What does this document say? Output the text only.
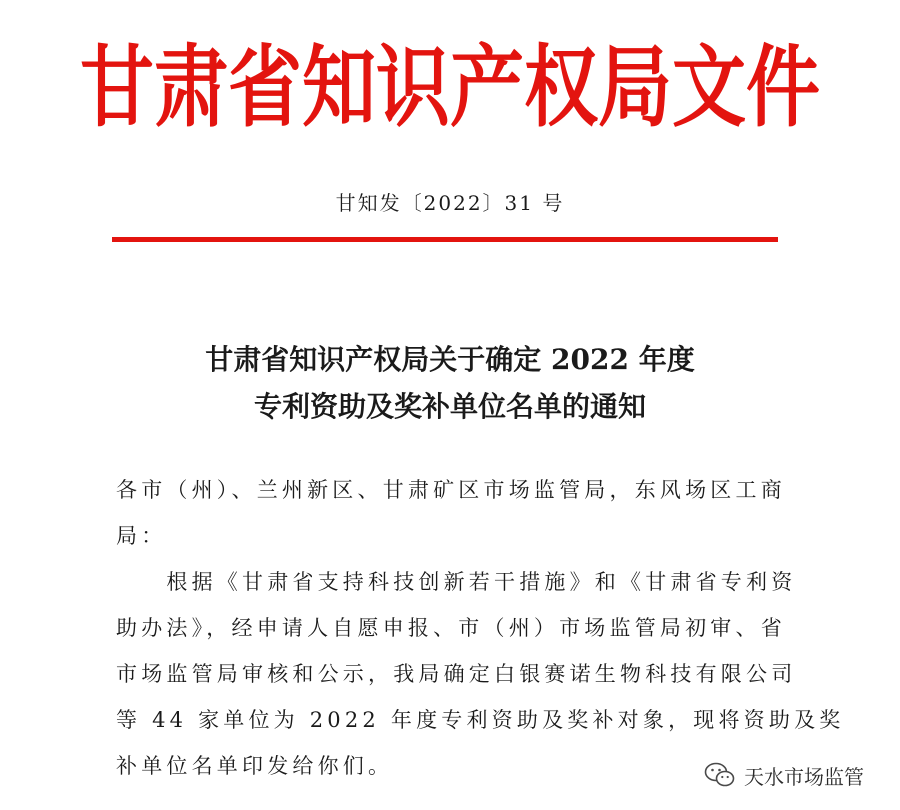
甘肃省知识产权局文件
甘知发〔2022〕31 号
甘肃省知识产权局关于确定 2022 年度
专利资助及奖补单位名单的通知
各市（州）、兰州新区、甘肃矿区市场监管局，东风场区工商
局：
　　根据《甘肃省支持科技创新若干措施》和《甘肃省专利资
助办法》，经申请人自愿申报、市（州）市场监管局初审、省
市场监管局审核和公示，我局确定白银赛诺生物科技有限公司
等 44 家单位为 2022 年度专利资助及奖补对象，现将资助及奖
补单位名单印发给你们。	天水市场监管
